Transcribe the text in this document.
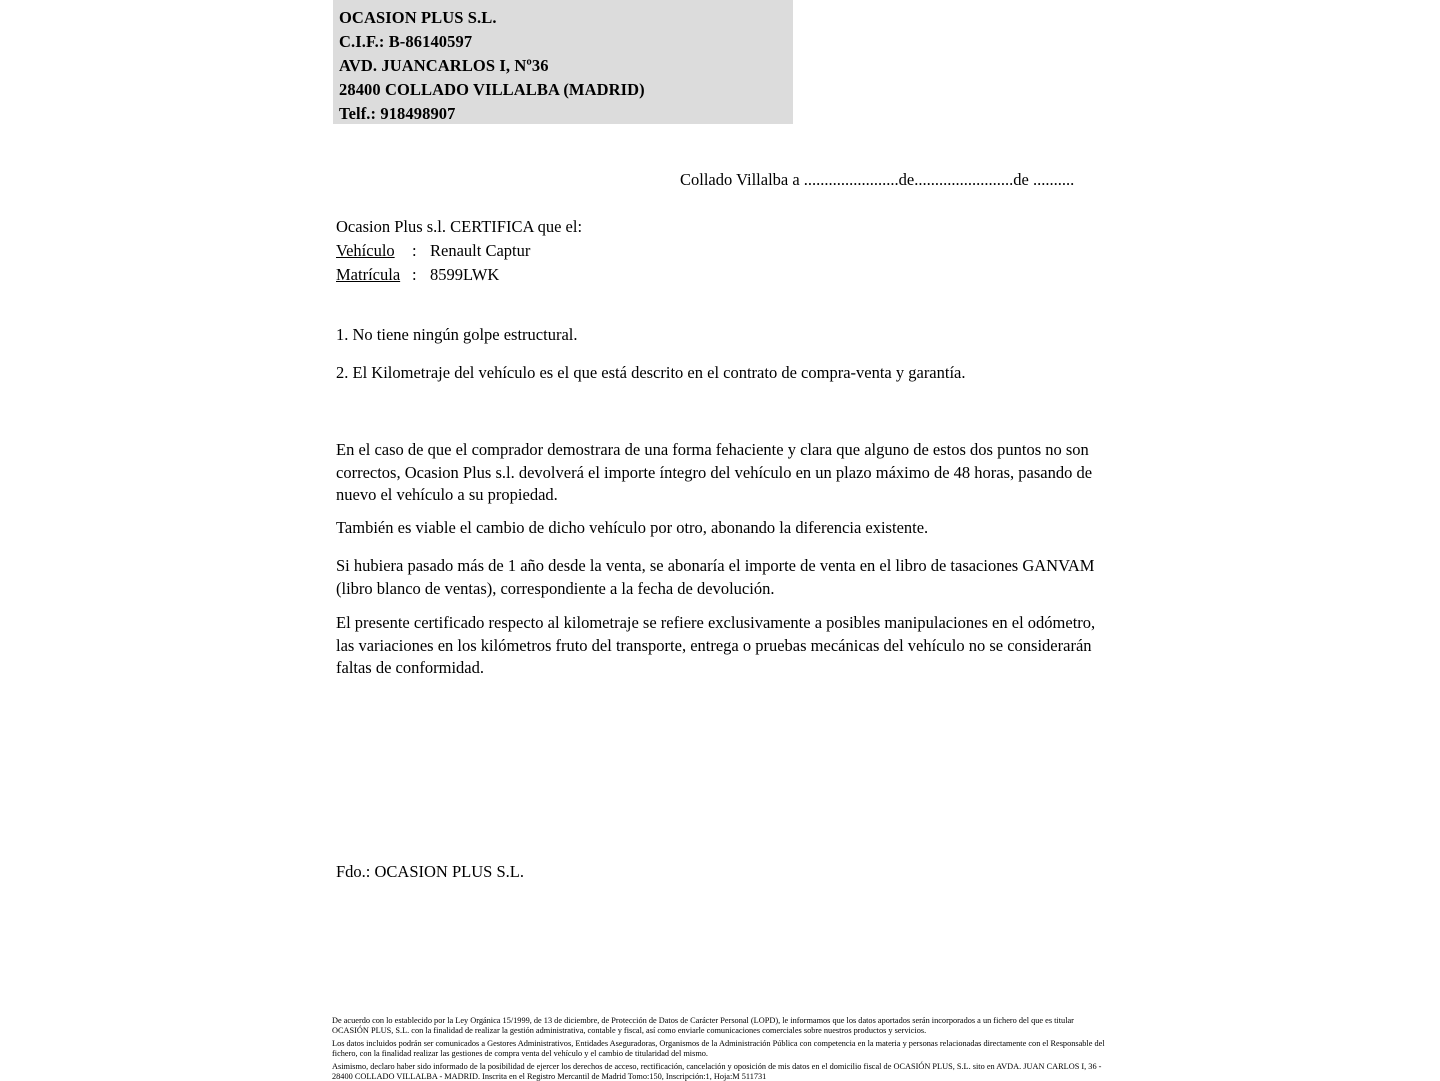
OCASION PLUS S.L.
C.I.F.: B-86140597
AVD. JUANCARLOS I, Nº36
28400 COLLADO VILLALBA (MADRID)
Telf.: 918498907
Collado Villalba a .......................de........................de ..........
Ocasion Plus s.l. CERTIFICA que el:
Vehículo : Renault Captur
Matrícula : 8599LWK
1. No tiene ningún golpe estructural.
2. El Kilometraje del vehículo es el que está descrito en el contrato de compra-venta y garantía.
En el caso de que el comprador demostrara de una forma fehaciente y clara que alguno de estos dos puntos no son correctos, Ocasion Plus s.l. devolverá el importe íntegro del vehículo en un plazo máximo de 48 horas, pasando de nuevo el vehículo a su propiedad.
También es viable el cambio de dicho vehículo por otro, abonando la diferencia existente.
Si hubiera pasado más de 1 año desde la venta, se abonaría el importe de venta en el libro de tasaciones GANVAM (libro blanco de ventas), correspondiente a la fecha de devolución.
El presente certificado respecto al kilometraje se refiere exclusivamente a posibles manipulaciones en el odómetro, las variaciones en los kilómetros fruto del transporte, entrega o pruebas mecánicas del vehículo no se considerarán faltas de conformidad.
Fdo.: OCASION PLUS S.L.

De acuerdo con lo establecido por la Ley Orgánica 15/1999, de 13 de diciembre, de Protección de Datos de Carácter Personal (LOPD), le informamos que los datos aportados serán incorporados a un fichero del que es titular OCASIÓN PLUS, S.L. con la finalidad de realizar la gestión administrativa, contable y fiscal, así como enviarle comunicaciones comerciales sobre nuestros productos y servicios.

Los datos incluidos podrán ser comunicados a Gestores Administrativos, Entidades Aseguradoras, Organismos de la Administración Pública con competencia en la materia y personas relacionadas directamente con el Responsable del fichero, con la finalidad realizar las gestiones de compra venta del vehículo y el cambio de titularidad del mismo.

Asimismo, declaro haber sido informado de la posibilidad de ejercer los derechos de acceso, rectificación, cancelación y oposición de mis datos en el domicilio fiscal de OCASIÓN PLUS, S.L. sito en AVDA. JUAN CARLOS I, 36 - 28400 COLLADO VILLALBA - MADRID. Inscrita en el Registro Mercantil de Madrid Tomo:150, Inscripción:1, Hoja:M 511731
